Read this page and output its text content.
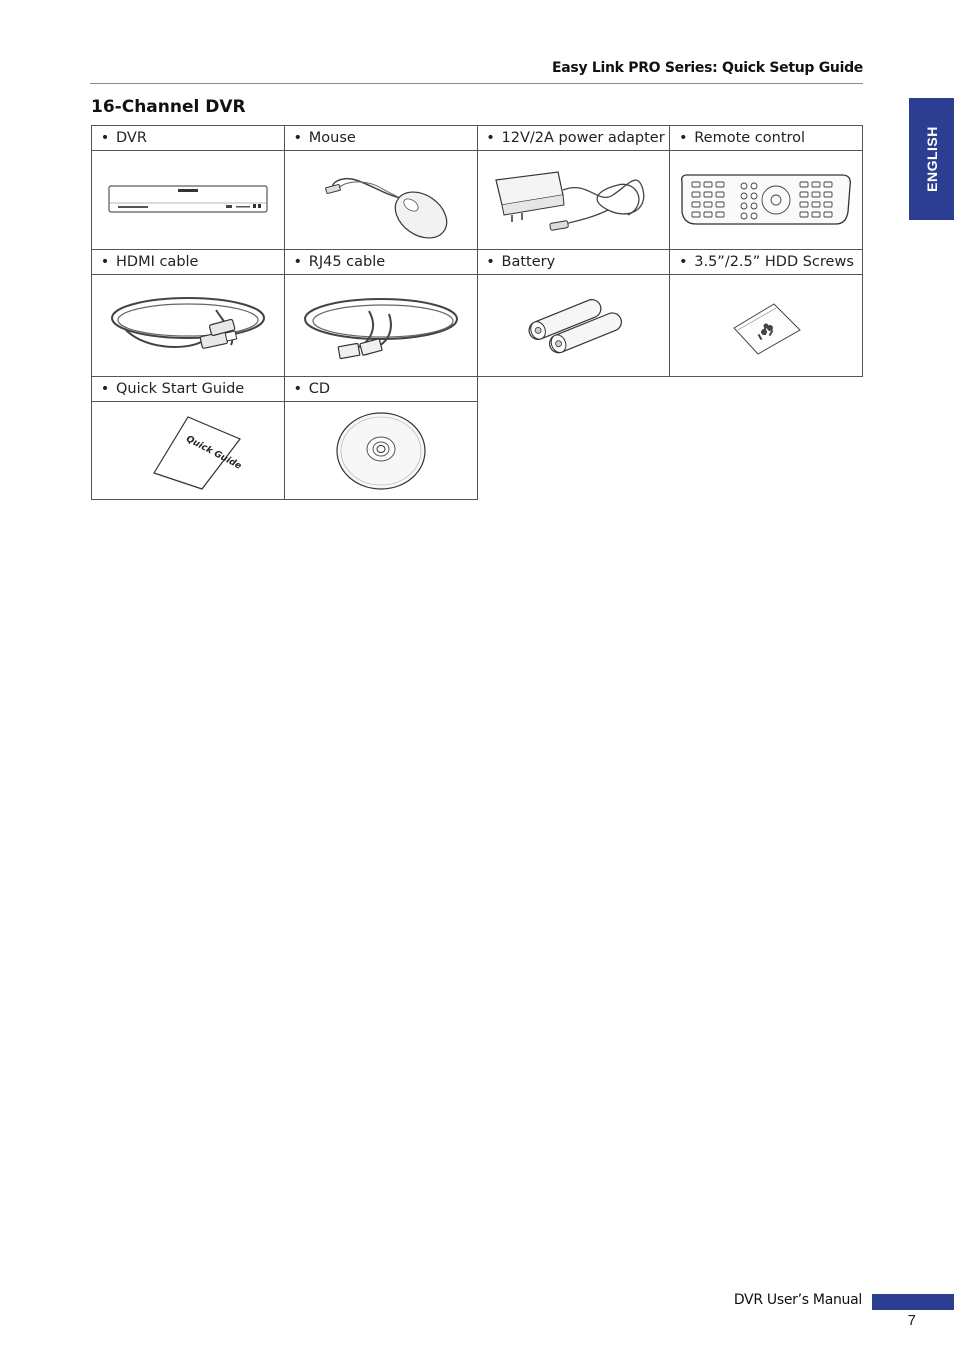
Easy Link PRO Series: Quick Setup Guide
ENGLISH
16-Channel DVR
• DVR	• Mouse	• 12V/2A power adapter	• Remote control

• HDMI cable	• RJ45 cable	• Battery	• 3.5”/2.5” HDD Screws

• Quick Start Guide	• CD		

Quick Guide

DVR User’s Manual
7
